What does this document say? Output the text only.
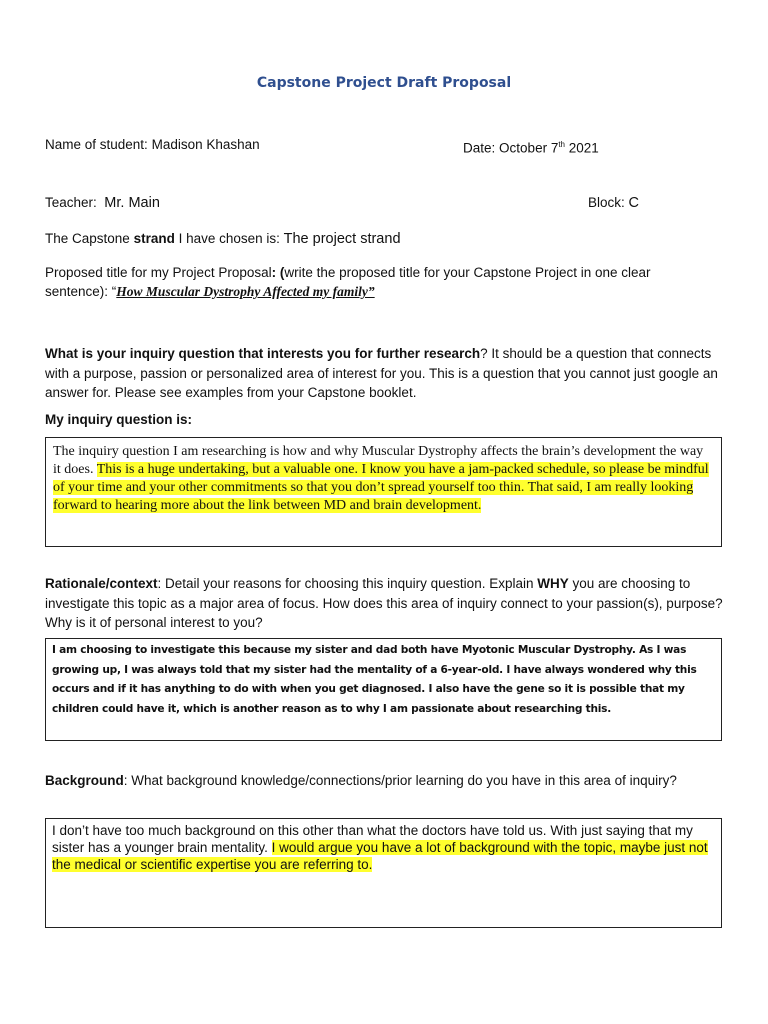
Capstone Project Draft Proposal
Name of student: Madison Khashan	Date: October 7th 2021
Teacher: Mr. Main	Block: C
The Capstone strand I have chosen is: The project strand
Proposed title for my Project Proposal: (write the proposed title for your Capstone Project in one clear
sentence): “How Muscular Dystrophy Affected my family”
What is your inquiry question that interests you for further research? It should be a question that connects with a purpose, passion or personalized area of interest for you. This is a question that you cannot just google an answer for. Please see examples from your Capstone booklet.
My inquiry question is:
The inquiry question I am researching is how and why Muscular Dystrophy affects the brain’s development the way it does. This is a huge undertaking, but a valuable one. I know you have a jam-packed schedule, so please be mindful of your time and your other commitments so that you don’t spread yourself too thin. That said, I am really looking forward to hearing more about the link between MD and brain development.
Rationale/context: Detail your reasons for choosing this inquiry question. Explain WHY you are choosing to investigate this topic as a major area of focus. How does this area of inquiry connect to your passion(s), purpose? Why is it of personal interest to you?
I am choosing to investigate this because my sister and dad both have Myotonic Muscular Dystrophy. As I was growing up, I was always told that my sister had the mentality of a 6-year-old. I have always wondered why this occurs and if it has anything to do with when you get diagnosed. I also have the gene so it is possible that my children could have it, which is another reason as to why I am passionate about researching this.
Background: What background knowledge/connections/prior learning do you have in this area of inquiry?
I don’t have too much background on this other than what the doctors have told us. With just saying that my sister has a younger brain mentality. I would argue you have a lot of background with the topic, maybe just not the medical or scientific expertise you are referring to.
